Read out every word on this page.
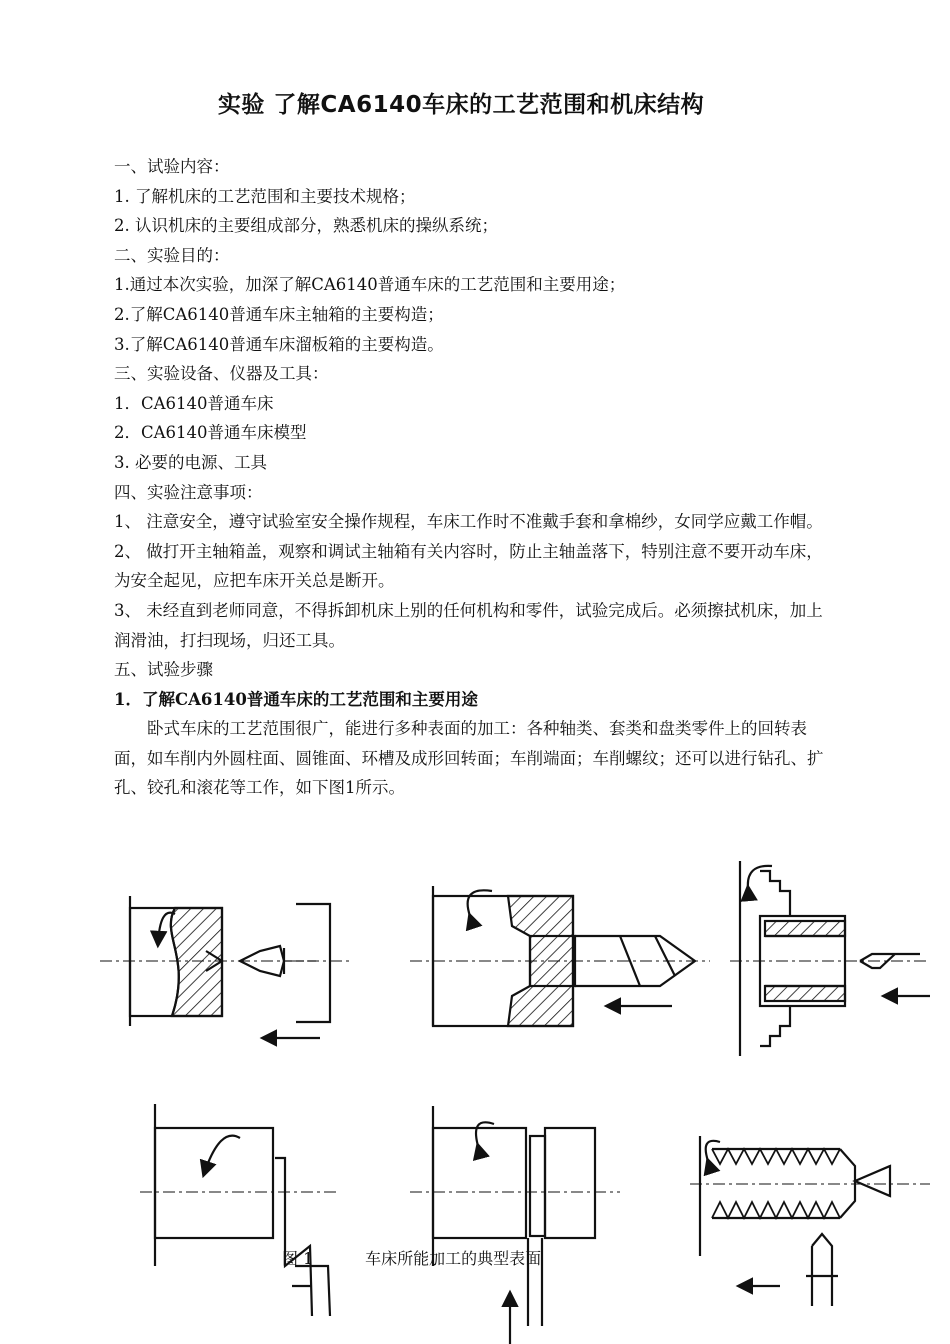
实验 了解CA6140车床的工艺范围和机床结构

一、试验内容：

1. 了解机床的工艺范围和主要技术规格；

2. 认识机床的主要组成部分，熟悉机床的操纵系统；

二、实验目的：

1.通过本次实验，加深了解CA6140普通车床的工艺范围和主要用途；

2.了解CA6140普通车床主轴箱的主要构造；

3.了解CA6140普通车床溜板箱的主要构造。

三、实验设备、仪器及工具：

1．CA6140普通车床

2．CA6140普通车床模型

3. 必要的电源、工具

四、实验注意事项：

1、 注意安全，遵守试验室安全操作规程，车床工作时不准戴手套和拿棉纱，女同学应戴工作帽。

2、 做打开主轴箱盖，观察和调试主轴箱有关内容时，防止主轴盖落下，特别注意不要开动车床，为安全起见，应把车床开关总是断开。

3、 未经直到老师同意，不得拆卸机床上别的任何机构和零件，试验完成后。必须擦拭机床，加上润滑油，打扫现场，归还工具。

五、试验步骤

1．了解CA6140普通车床的工艺范围和主要用途

卧式车床的工艺范围很广，能进行多种表面的加工：各种轴类、套类和盘类零件上的回转表面，如车削内外圆柱面、圆锥面、环槽及成形回转面；车削端面；车削螺纹；还可以进行钻孔、扩孔、铰孔和滚花等工作，如下图1所示。

图 1	车床所能加工的典型表面
